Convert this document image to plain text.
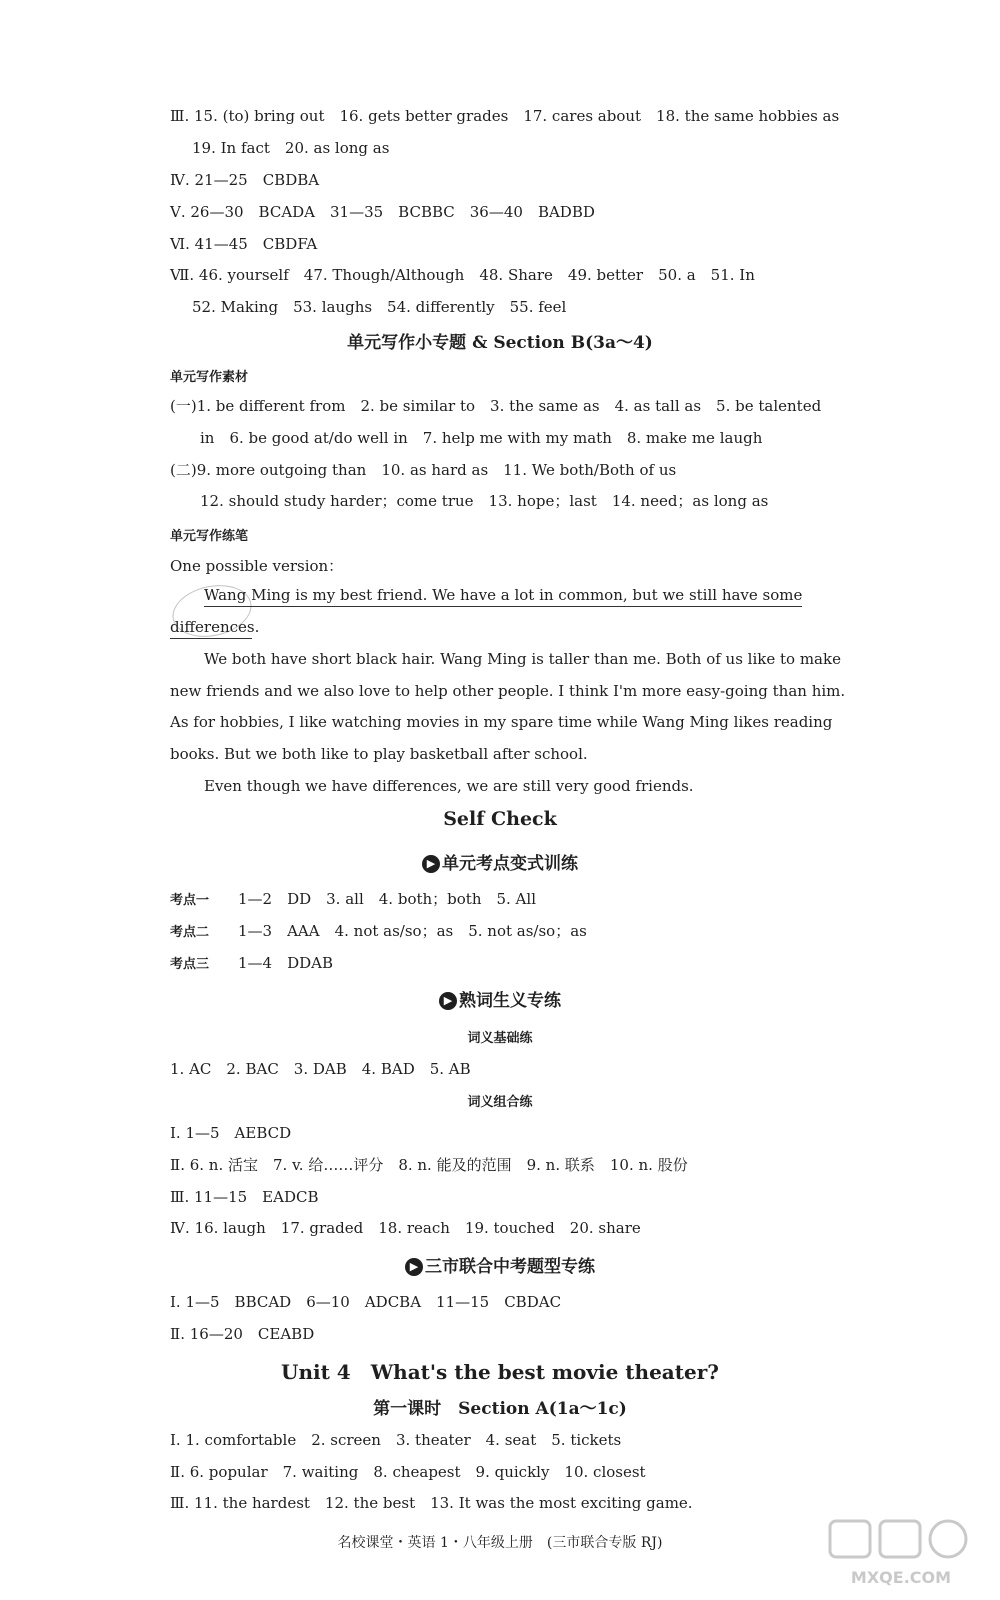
Ⅲ. 15. (to) bring out　16. gets better grades　17. cares about　18. the same hobbies as
19. In fact　20. as long as
Ⅳ. 21—25　CBDBA
Ⅴ. 26—30　BCADA　31—35　BCBBC　36—40　BADBD
Ⅵ. 41—45　CBDFA
Ⅶ. 46. yourself　47. Though/Although　48. Share　49. better　50. a　51. In
52. Making　53. laughs　54. differently　55. feel
单元写作小专题 & Section B(3a～4)
单元写作素材
(一)1. be different from　2. be similar to　3. the same as　4. as tall as　5. be talented
in　6. be good at/do well in　7. help me with my math　8. make me laugh
(二)9. more outgoing than　10. as hard as　11. We both/Both of us
12. should study harder；come true　13. hope；last　14. need；as long as
单元写作练笔
One possible version：
Wang Ming is my best friend. We have a lot in common, but we still have some
differences.
We both have short black hair. Wang Ming is taller than me. Both of us like to make
new friends and we also love to help other people. I think I'm more easy-going than him.
As for hobbies, I like watching movies in my spare time while Wang Ming likes reading
books. But we both like to play basketball after school.
Even though we have differences, we are still very good friends.
Self Check
▶ 单元考点变式训练
考点一 1—2　DD　3. all　4. both；both　5. All
考点二 1—3　AAA　4. not as/so；as　5. not as/so；as
考点三 1—4　DDAB
▶ 熟词生义专练
词义基础练
1. AC　2. BAC　3. DAB　4. BAD　5. AB
词义组合练
Ⅰ. 1—5　AEBCD
Ⅱ. 6. n. 活宝　7. v. 给……评分　8. n. 能及的范围　9. n. 联系　10. n. 股份
Ⅲ. 11—15　EADCB
Ⅳ. 16. laugh　17. graded　18. reach　19. touched　20. share
▶ 三市联合中考题型专练
Ⅰ. 1—5　BBCAD　6—10　ADCBA　11—15　CBDAC
Ⅱ. 16—20　CEABD
Unit 4　What's the best movie theater?
第一课时　Section A(1a～1c)
Ⅰ. 1. comfortable　2. screen　3. theater　4. seat　5. tickets
Ⅱ. 6. popular　7. waiting　8. cheapest　9. quickly　10. closest
Ⅲ. 11. the hardest　12. the best　13. It was the most exciting game.
名校课堂・英语 1・八年级上册　(三市联合专版 RJ)
MXQE.COM
